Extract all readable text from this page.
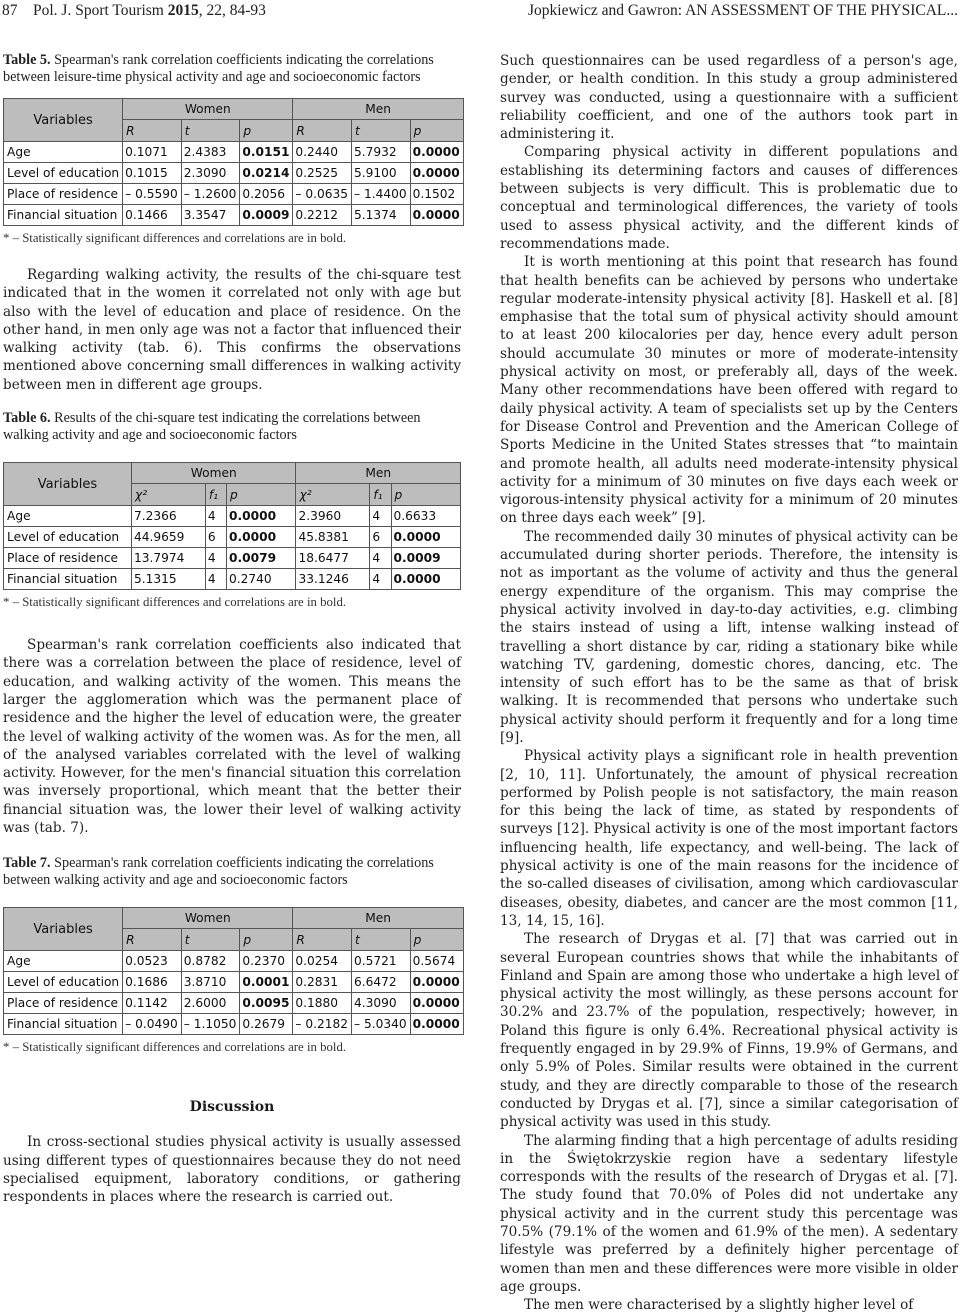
87 Pol. J. Sport Tourism 2015, 22, 84-93	Jopkiewicz and Gawron: AN ASSESSMENT OF THE PHYSICAL...
Table 5. Spearman's rank correlation coefficients indicating the correlations between leisure-time physical activity and age and socioeconomic factors
Variables	Women			Men		
	R	t	p	R	t	p
Age	0.1071	2.4383	0.0151	0.2440	5.7932	0.0000
Level of education	0.1015	2.3090	0.0214	0.2525	5.9100	0.0000
Place of residence	– 0.5590	– 1.2600	0.2056	– 0.0635	– 1.4400	0.1502
Financial situation	0.1466	3.3547	0.0009	0.2212	5.1374	0.0000
* – Statistically significant differences and correlations are in bold.

Regarding walking activity, the results of the chi-square test indicated that in the women it correlated not only with age but also with the level of education and place of residence. On the other hand, in men only age was not a factor that influenced their walking activity (tab. 6). This confirms the observations mentioned above concerning small differences in walking activity between men in different age groups.

Table 6. Results of the chi-square test indicating the correlations between walking activity and age and socioeconomic factors
Variables	Women			Men		
	χ²	f₁	p	χ²	f₁	p
Age	7.2366	4	0.0000	2.3960	4	0.6633
Level of education	44.9659	6	0.0000	45.8381	6	0.0000
Place of residence	13.7974	4	0.0079	18.6477	4	0.0009
Financial situation	5.1315	4	0.2740	33.1246	4	0.0000
* – Statistically significant differences and correlations are in bold.

Spearman's rank correlation coefficients also indicated that there was a correlation between the place of residence, level of education, and walking activity of the women. This means the larger the agglomeration which was the permanent place of residence and the higher the level of education were, the greater the level of walking activity of the women was. As for the men, all of the analysed variables correlated with the level of walking activity. However, for the men's financial situation this correlation was inversely proportional, which meant that the better their financial situation was, the lower their level of walking activity was (tab. 7).

Table 7. Spearman's rank correlation coefficients indicating the correlations between walking activity and age and socioeconomic factors
Variables	Women			Men		
	R	t	p	R	t	p
Age	0.0523	0.8782	0.2370	0.0254	0.5721	0.5674
Level of education	0.1686	3.8710	0.0001	0.2831	6.6472	0.0000
Place of residence	0.1142	2.6000	0.0095	0.1880	4.3090	0.0000
Financial situation	– 0.0490	– 1.1050	0.2679	– 0.2182	– 5.0340	0.0000
* – Statistically significant differences and correlations are in bold.
Discussion

In cross-sectional studies physical activity is usually assessed using different types of questionnaires because they do not need specialised equipment, laboratory conditions, or gathering respondents in places where the research is carried out.

Such questionnaires can be used regardless of a person's age, gender, or health condition. In this study a group administered survey was conducted, using a questionnaire with a sufficient reliability coefficient, and one of the authors took part in administering it.

Comparing physical activity in different populations and establishing its determining factors and causes of differences between subjects is very difficult. This is problematic due to conceptual and terminological differences, the variety of tools used to assess physical activity, and the different kinds of recommendations made.

It is worth mentioning at this point that research has found that health benefits can be achieved by persons who undertake regular moderate-intensity physical activity [8]. Haskell et al. [8] emphasise that the total sum of physical activity should amount to at least 200 kilocalories per day, hence every adult person should accumulate 30 minutes or more of moderate-intensity physical activity on most, or preferably all, days of the week. Many other recommendations have been offered with regard to daily physical activity. A team of specialists set up by the Centers for Disease Control and Prevention and the American College of Sports Medicine in the United States stresses that “to maintain and promote health, all adults need moderate-intensity physical activity for a minimum of 30 minutes on five days each week or vigorous-intensity physical activity for a minimum of 20 minutes on three days each week” [9].

The recommended daily 30 minutes of physical activity can be accumulated during shorter periods. Therefore, the intensity is not as important as the volume of activity and thus the general energy expenditure of the organism. This may comprise the physical activity involved in day-to-day activities, e.g. climbing the stairs instead of using a lift, intense walking instead of travelling a short distance by car, riding a stationary bike while watching TV, gardening, domestic chores, dancing, etc. The intensity of such effort has to be the same as that of brisk walking. It is recommended that persons who undertake such physical activity should perform it frequently and for a long time [9].

Physical activity plays a significant role in health prevention [2, 10, 11]. Unfortunately, the amount of physical recreation performed by Polish people is not satisfactory, the main reason for this being the lack of time, as stated by respondents of surveys [12]. Physical activity is one of the most important factors influencing health, life expectancy, and well-being. The lack of physical activity is one of the main reasons for the incidence of the so-called diseases of civilisation, among which cardiovascular diseases, obesity, diabetes, and cancer are the most common [11, 13, 14, 15, 16].

The research of Drygas et al. [7] that was carried out in several European countries shows that while the inhabitants of Finland and Spain are among those who undertake a high level of physical activity the most willingly, as these persons account for 30.2% and 23.7% of the population, respectively; however, in Poland this figure is only 6.4%. Recreational physical activity is frequently engaged in by 29.9% of Finns, 19.9% of Germans, and only 5.9% of Poles. Similar results were obtained in the current study, and they are directly comparable to those of the research conducted by Drygas et al. [7], since a similar categorisation of physical activity was used in this study.

The alarming finding that a high percentage of adults residing in the Świętokrzyskie region have a sedentary lifestyle corresponds with the results of the research of Drygas et al. [7]. The study found that 70.0% of Poles did not undertake any physical activity and in the current study this percentage was 70.5% (79.1% of the women and 61.9% of the men). A sedentary lifestyle was preferred by a definitely higher percentage of women than men and these differences were more visible in older age groups.

The men were characterised by a slightly higher level of
